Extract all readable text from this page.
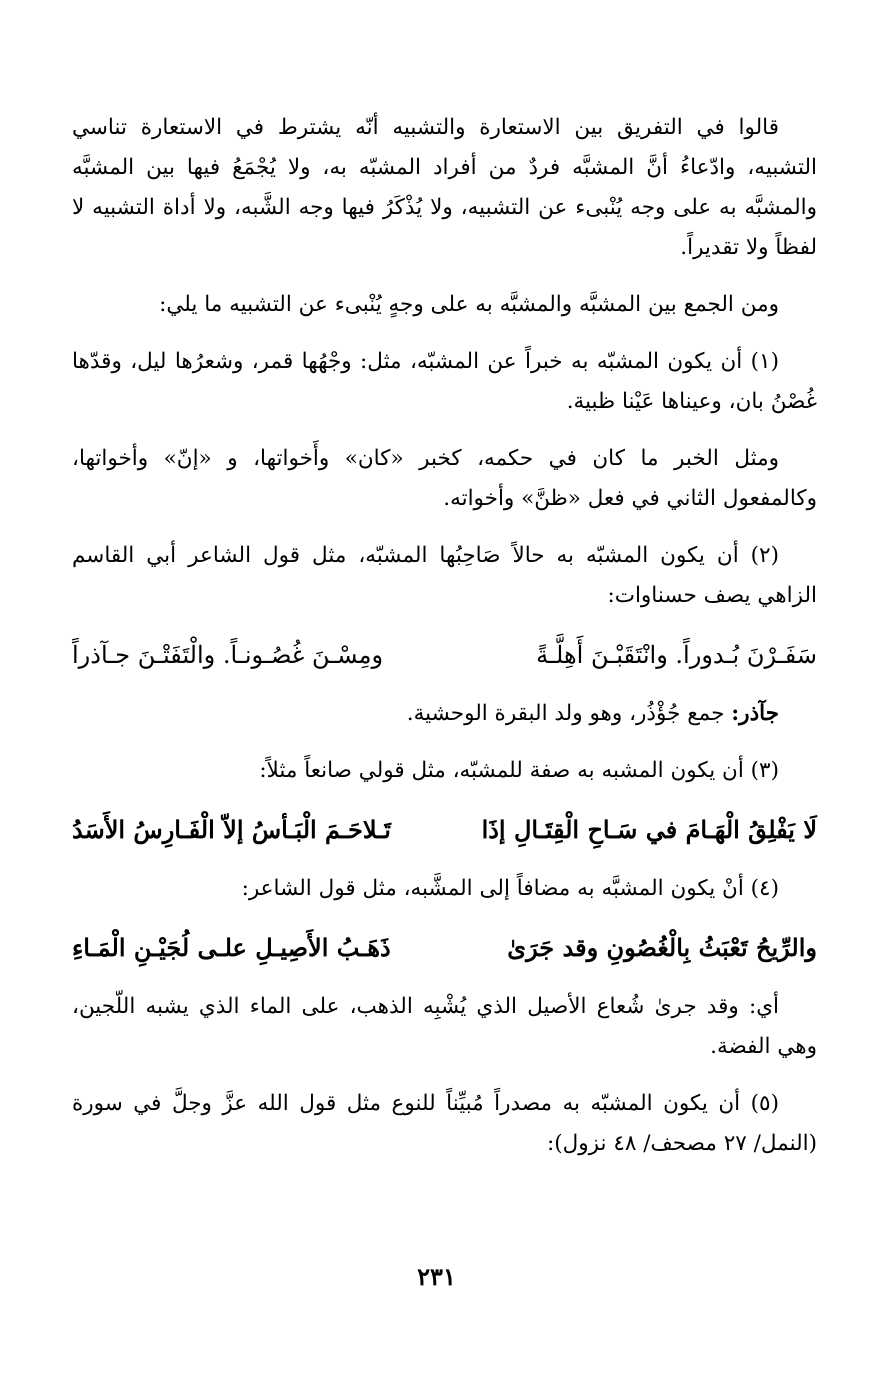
قالوا في التفريق بين الاستعارة والتشبيه أنّه يشترط في الاستعارة تناسي التشبيه، وادّعاءُ أنَّ المشبَّه فردٌ من أفراد المشبّه به، ولا يُجْمَعُ فيها بين المشبَّه والمشبَّه به على وجه يُنْبىء عن التشبيه، ولا يُذْكَرُ فيها وجه الشَّبه، ولا أداة التشبيه لا لفظاً ولا تقديراً.

ومن الجمع بين المشبَّه والمشبَّه به على وجهٍ يُنْبىء عن التشبيه ما يلي:

(١) أن يكون المشبّه به خبراً عن المشبّه، مثل: وجْهُها قمر، وشعرُها ليل، وقدّها غُصْنُ بان، وعيناها عَيْنا ظبية.

ومثل الخبر ما كان في حكمه، كخبر «كان» وأَخواتها، و «إنّ» وأخواتها، وكالمفعول الثاني في فعل «ظنَّ» وأخواته.

(٢) أن يكون المشبّه به حالاً صَاحِبُها المشبّه، مثل قول الشاعر أبي القاسم الزاهي يصف حسناوات:

سَفَـرْنَ بُـدوراً. وانْتَقَبْـنَ أَهِلَّـةً
ومِسْـنَ غُصُـونـاً. والْتَفَتْـنَ جـآذراً

جآذر: جمع جُؤْذُر، وهو ولد البقرة الوحشية.

(٣) أن يكون المشبه به صفة للمشبّه، مثل قولي صانعاً مثلاً:

لَا يَفْلِقُ الْهَـامَ في سَـاحِ الْقِتَـالِ إذَا
تَـلاحَـمَ الْبَـأسُ إلاّ الْفَـارِسُ الأَسَدُ

(٤) أنْ يكون المشبَّه به مضافاً إلى المشَّبه، مثل قول الشاعر:

والرِّيحُ تَعْبَثُ بِالْغُصُونِ وقد جَرَىٰ
ذَهَـبُ الأَصِيـلِ علـى لُجَيْـنِ الْمَـاءِ

أي: وقد جرىٰ شُعاع الأصيل الذي يُشْبِه الذهب، على الماء الذي يشبه اللّجين، وهي الفضة.

(٥) أن يكون المشبّه به مصدراً مُبيِّناً للنوع مثل قول الله عزَّ وجلَّ في سورة (النمل/ ٢٧ مصحف/ ٤٨ نزول):

٢٣١
